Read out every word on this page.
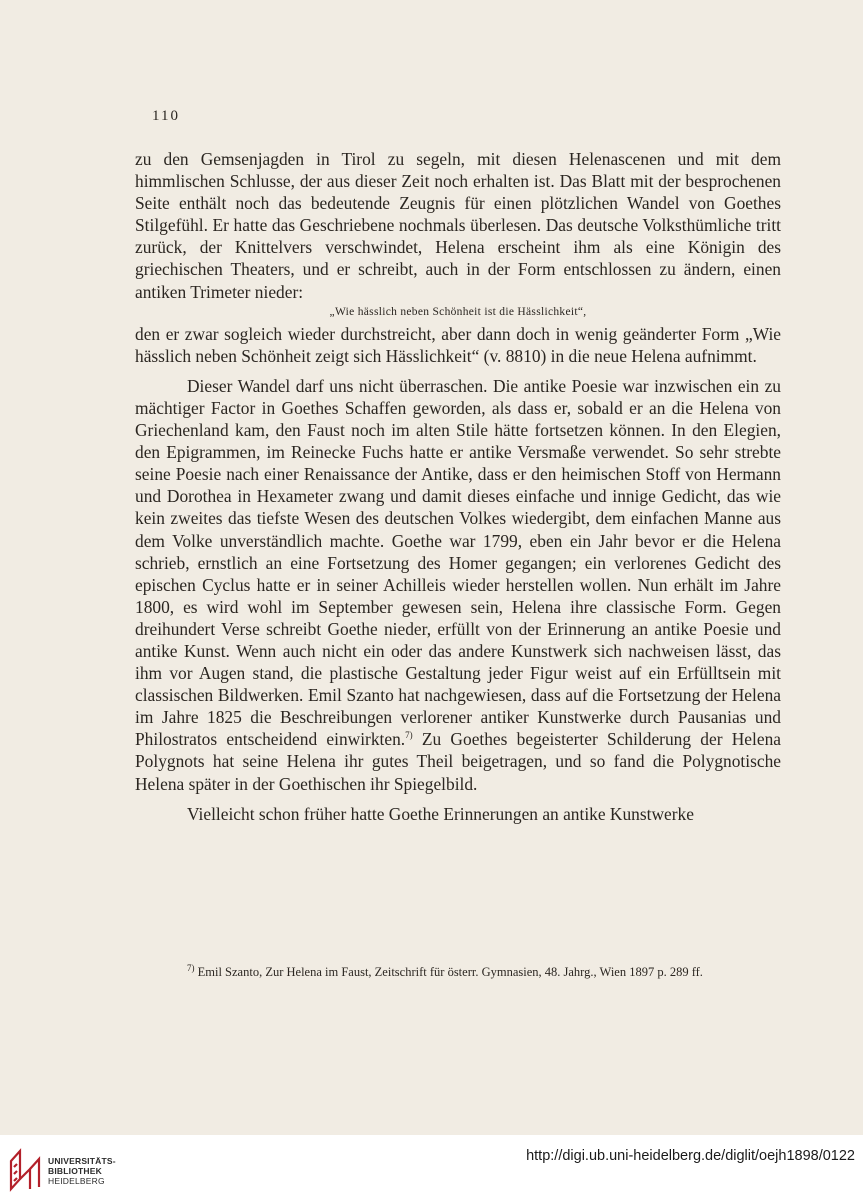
110

zu den Gemsenjagden in Tirol zu segeln, mit diesen Helenascenen und mit dem himmlischen Schlusse, der aus dieser Zeit noch erhalten ist. Das Blatt mit der besprochenen Seite enthält noch das bedeutende Zeugnis für einen plötzlichen Wandel von Goethes Stilgefühl. Er hatte das Geschriebene nochmals überlesen. Das deutsche Volksthümliche tritt zurück, der Knittelvers verschwindet, Helena erscheint ihm als eine Königin des griechischen Theaters, und er schreibt, auch in der Form entschlossen zu ändern, einen antiken Trimeter nieder:

„Wie hässlich neben Schönheit ist die Hässlichkeit“,

den er zwar sogleich wieder durchstreicht, aber dann doch in wenig geänderter Form „Wie hässlich neben Schönheit zeigt sich Hässlichkeit“ (v. 8810) in die neue Helena aufnimmt.

Dieser Wandel darf uns nicht überraschen. Die antike Poesie war inzwischen ein zu mächtiger Factor in Goethes Schaffen geworden, als dass er, sobald er an die Helena von Griechenland kam, den Faust noch im alten Stile hätte fortsetzen können. In den Elegien, den Epigrammen, im Reinecke Fuchs hatte er antike Versmaße verwendet. So sehr strebte seine Poesie nach einer Renaissance der Antike, dass er den heimischen Stoff von Hermann und Dorothea in Hexameter zwang und damit dieses einfache und innige Gedicht, das wie kein zweites das tiefste Wesen des deutschen Volkes wiedergibt, dem einfachen Manne aus dem Volke unverständlich machte. Goethe war 1799, eben ein Jahr bevor er die Helena schrieb, ernstlich an eine Fortsetzung des Homer gegangen; ein verlorenes Gedicht des epischen Cyclus hatte er in seiner Achilleis wieder herstellen wollen. Nun erhält im Jahre 1800, es wird wohl im September gewesen sein, Helena ihre classische Form. Gegen dreihundert Verse schreibt Goethe nieder, erfüllt von der Erinnerung an antike Poesie und antike Kunst. Wenn auch nicht ein oder das andere Kunstwerk sich nachweisen lässt, das ihm vor Augen stand, die plastische Gestaltung jeder Figur weist auf ein Erfülltsein mit classischen Bildwerken. Emil Szanto hat nachgewiesen, dass auf die Fortsetzung der Helena im Jahre 1825 die Beschreibungen verlorener antiker Kunstwerke durch Pausanias und Philostratos entscheidend einwirkten.$^{7)}$ Zu Goethes begeisterter Schilderung der Helena Polygnots hat seine Helena ihr gutes Theil beigetragen, und so fand die Polygnotische Helena später in der Goethischen ihr Spiegelbild.

Vielleicht schon früher hatte Goethe Erinnerungen an antike Kunstwerke

$^{7)}$ Emil Szanto, Zur Helena im Faust, Zeitschrift für österr. Gymnasien, 48. Jahrg., Wien 1897 p. 289 ff.
UNIVERSITÄTS-
BIBLIOTHEK
HEIDELBERG
http://digi.ub.uni-heidelberg.de/diglit/oejh1898/0122
